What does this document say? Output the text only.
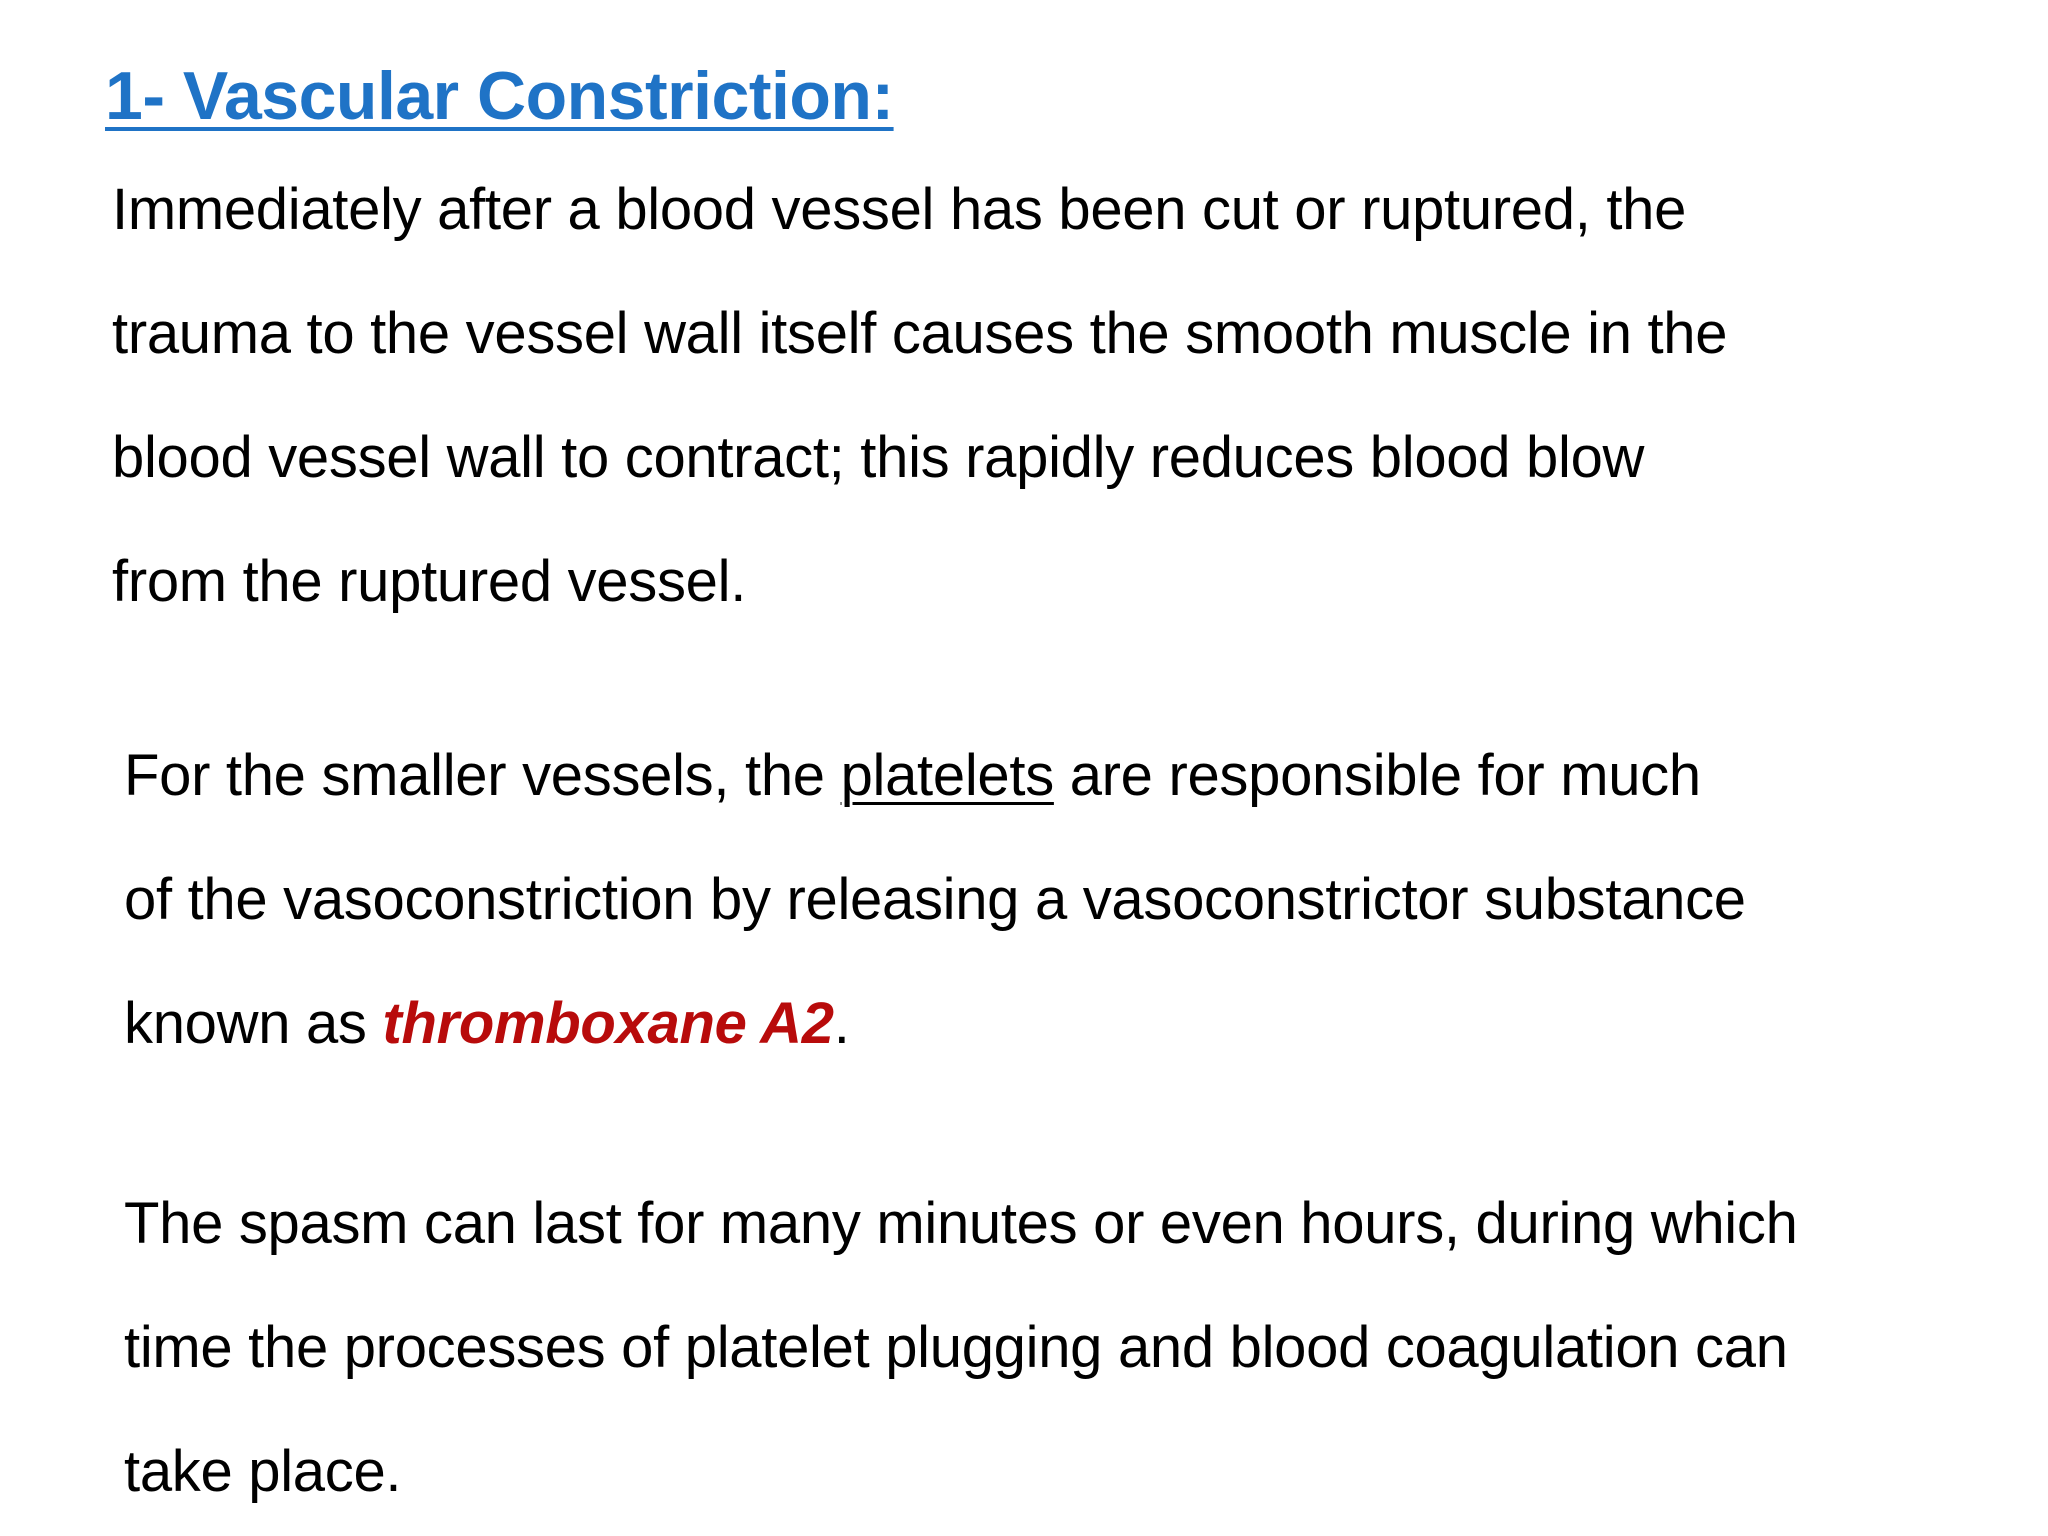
1- Vascular Constriction:

Immediately after a blood vessel has been cut or ruptured, the
trauma to the vessel wall itself causes the smooth muscle in the
blood vessel wall to contract; this rapidly reduces blood blow
from the ruptured vessel.

For the smaller vessels, the platelets are responsible for much
of the vasoconstriction by releasing a vasoconstrictor substance
known as thromboxane A2.

The spasm can last for many minutes or even hours, during which
time the processes of platelet plugging and blood coagulation can
take place.
